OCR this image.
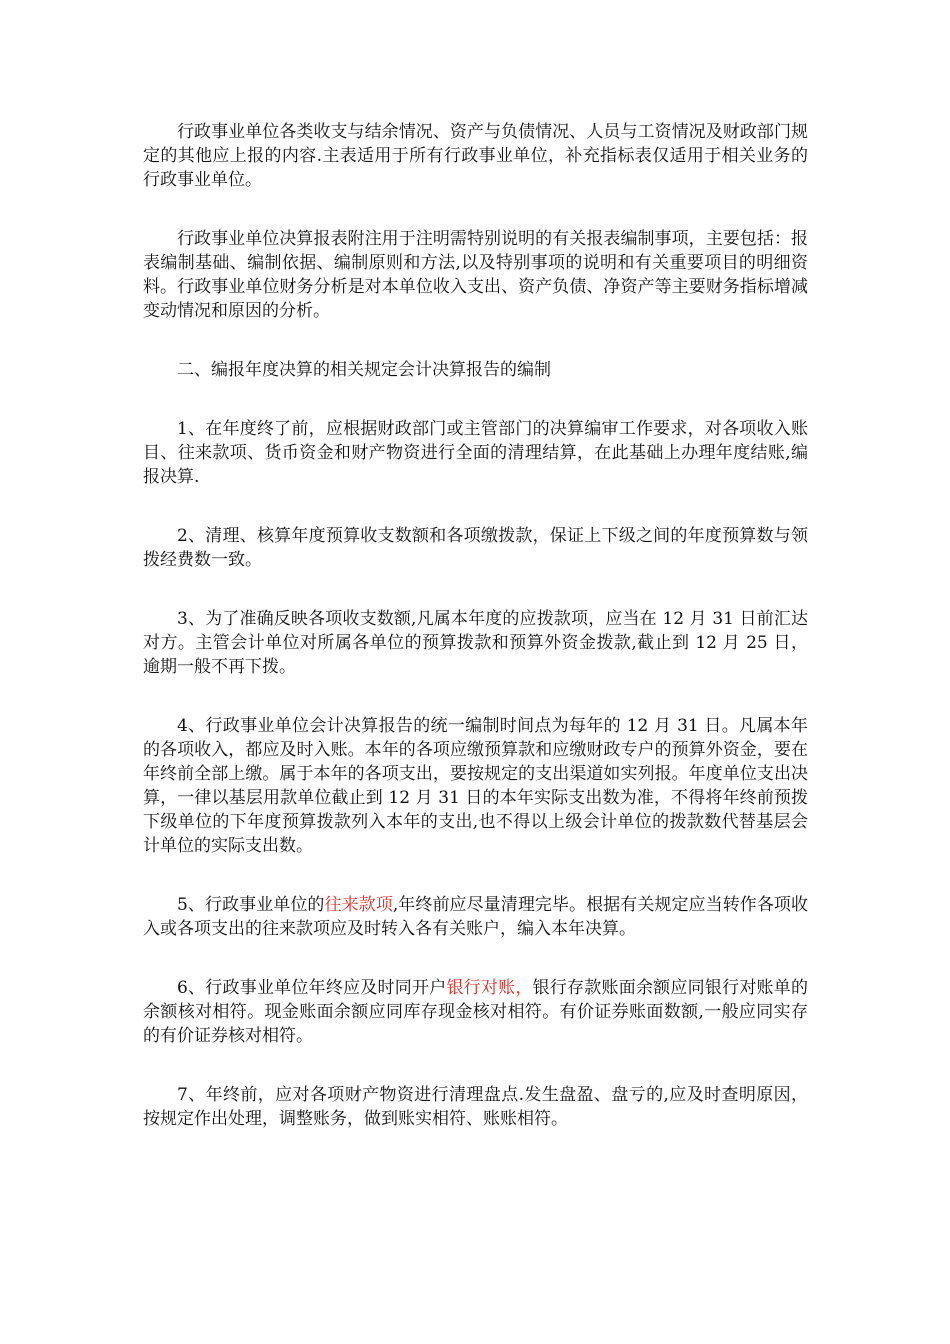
行政事业单位各类收支与结余情况、资产与负债情况、人员与工资情况及财政部门规定的其他应上报的内容.主表适用于所有行政事业单位，补充指标表仅适用于相关业务的行政事业单位。

行政事业单位决算报表附注用于注明需特别说明的有关报表编制事项，主要包括：报表编制基础、编制依据、编制原则和方法,以及特别事项的说明和有关重要项目的明细资料。行政事业单位财务分析是对本单位收入支出、资产负债、净资产等主要财务指标增减变动情况和原因的分析。

二、编报年度决算的相关规定会计决算报告的编制

1、在年度终了前，应根据财政部门或主管部门的决算编审工作要求，对各项收入账目、往来款项、货币资金和财产物资进行全面的清理结算，在此基础上办理年度结账,编报决算.

2、清理、核算年度预算收支数额和各项缴拨款，保证上下级之间的年度预算数与领拨经费数一致。

3、为了准确反映各项收支数额,凡属本年度的应拨款项，应当在 12 月 31 日前汇达对方。主管会计单位对所属各单位的预算拨款和预算外资金拨款,截止到 12 月 25 日，逾期一般不再下拨。

4、行政事业单位会计决算报告的统一编制时间点为每年的 12 月 31 日。凡属本年的各项收入，都应及时入账。本年的各项应缴预算款和应缴财政专户的预算外资金，要在年终前全部上缴。属于本年的各项支出，要按规定的支出渠道如实列报。年度单位支出决算，一律以基层用款单位截止到 12 月 31 日的本年实际支出数为准，不得将年终前预拨下级单位的下年度预算拨款列入本年的支出,也不得以上级会计单位的拨款数代替基层会计单位的实际支出数。

5、行政事业单位的往来款项,年终前应尽量清理完毕。根据有关规定应当转作各项收入或各项支出的往来款项应及时转入各有关账户，编入本年决算。

6、行政事业单位年终应及时同开户银行对账，银行存款账面余额应同银行对账单的余额核对相符。现金账面余额应同库存现金核对相符。有价证券账面数额,一般应同实存的有价证券核对相符。

7、年终前，应对各项财产物资进行清理盘点.发生盘盈、盘亏的,应及时查明原因，按规定作出处理，调整账务，做到账实相符、账账相符。
